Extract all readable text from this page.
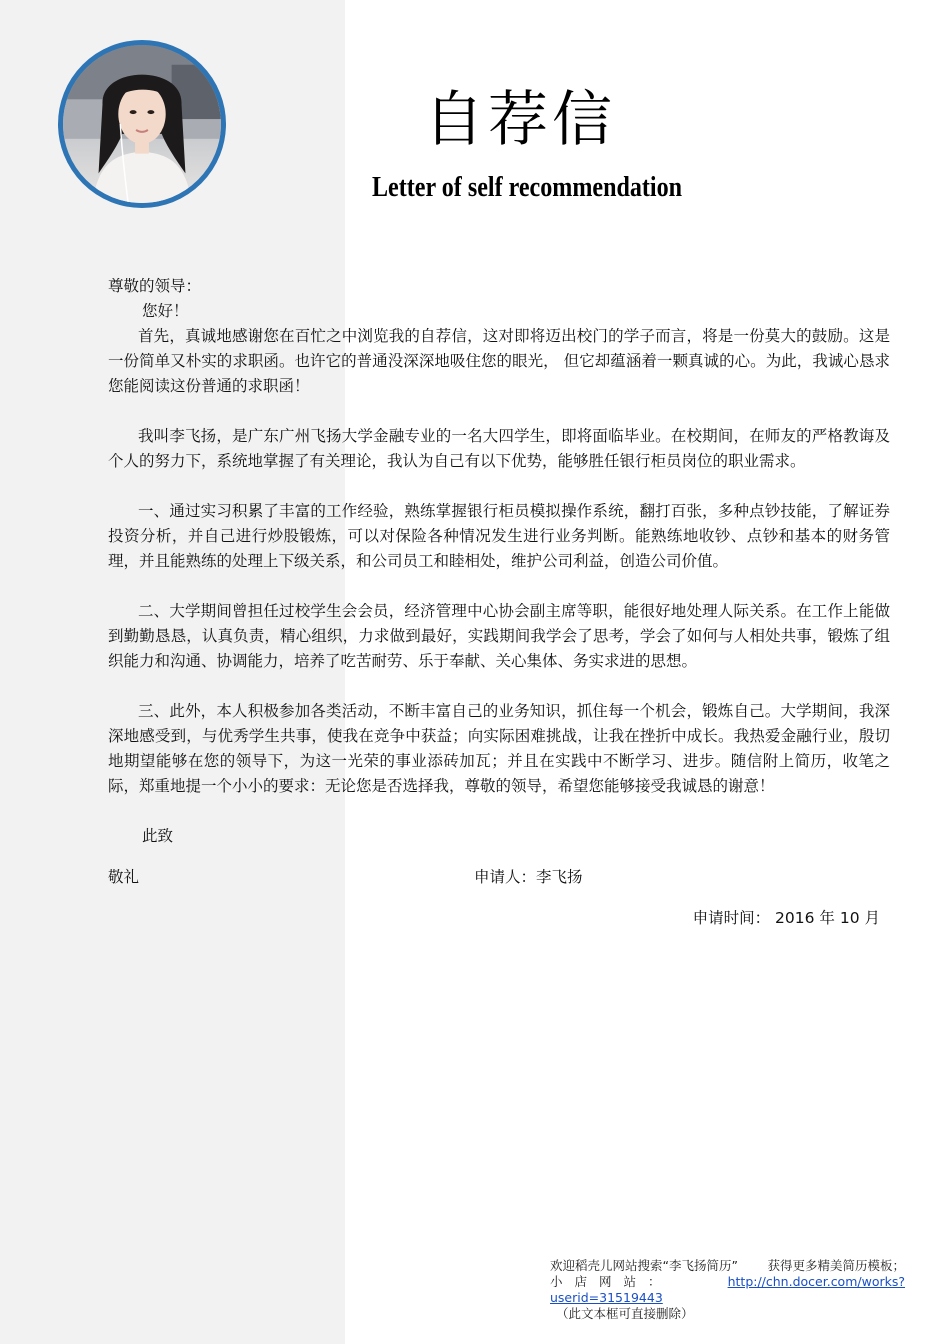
自荐信
Letter of self recommendation

尊敬的领导：

您好！

首先，真诚地感谢您在百忙之中浏览我的自荐信，这对即将迈出校门的学子而言，将是一份莫大的鼓励。这是一份简单又朴实的求职函。也许它的普通没深深地吸住您的眼光， 但它却蕴涵着一颗真诚的心。为此，我诚心恳求您能阅读这份普通的求职函！

我叫李飞扬，是广东广州飞扬大学金融专业的一名大四学生，即将面临毕业。在校期间，在师友的严格教诲及个人的努力下，系统地掌握了有关理论，我认为自己有以下优势，能够胜任银行柜员岗位的职业需求。

一、通过实习积累了丰富的工作经验，熟练掌握银行柜员模拟操作系统，翻打百张，多种点钞技能，了解证券投资分析，并自己进行炒股锻炼，可以对保险各种情况发生进行业务判断。能熟练地收钞、点钞和基本的财务管理，并且能熟练的处理上下级关系，和公司员工和睦相处，维护公司利益，创造公司价值。

二、大学期间曾担任过校学生会会员，经济管理中心协会副主席等职，能很好地处理人际关系。在工作上能做到勤勤恳恳，认真负责，精心组织，力求做到最好，实践期间我学会了思考，学会了如何与人相处共事，锻炼了组织能力和沟通、协调能力，培养了吃苦耐劳、乐于奉献、关心集体、务实求进的思想。

三、此外，本人积极参加各类活动，不断丰富自己的业务知识，抓住每一个机会，锻炼自己。大学期间，我深深地感受到，与优秀学生共事，使我在竞争中获益；向实际困难挑战，让我在挫折中成长。我热爱金融行业，殷切地期望能够在您的领导下，为这一光荣的事业添砖加瓦；并且在实践中不断学习、进步。随信附上简历，收笔之际，郑重地提一个小小的要求：无论您是否选择我，尊敬的领导，希望您能够接受我诚恳的谢意！

此致

敬礼	申请人：李飞扬

申请时间： 2016 年 10 月

欢迎稻壳儿网站搜索“李飞扬简历” 获得更多精美简历模板；
小店网站：	http://chn.docer.com/works?
userid=31519443
（此文本框可直接删除）
